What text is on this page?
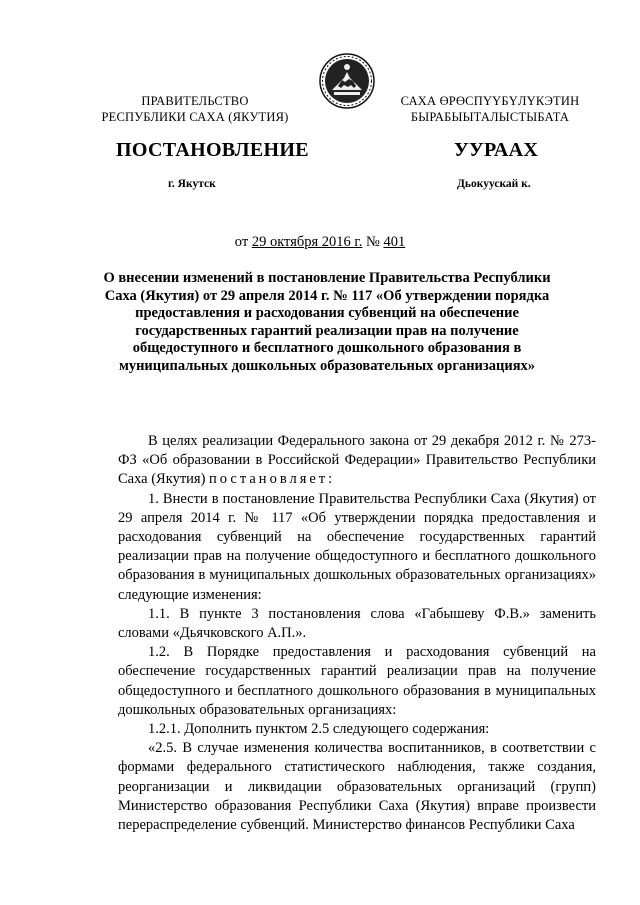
ПРАВИТЕЛЬСТВО
РЕСПУБЛИКИ САХА (ЯКУТИЯ)
САХА ӨРӨСПҮҮБҮЛҮКЭТИН
БЫРАБЫЫТАЛЫСТЫБАТА
ПОСТАНОВЛЕНИЕ	УУРААХ
г. Якутск	Дьокуускай к.
от 29 октября 2016 г. № 401
О внесении изменений в постановление Правительства Республики Саха (Якутия) от 29 апреля 2014 г. № 117 «Об утверждении порядка предоставления и расходования субвенций на обеспечение государственных гарантий реализации прав на получение общедоступного и бесплатного дошкольного образования в муниципальных дошкольных образовательных организациях»

В целях реализации Федерального закона от 29 декабря 2012 г. № 273-ФЗ «Об образовании в Российской Федерации» Правительство Республики Саха (Якутия) постановляет:

1. Внести в постановление Правительства Республики Саха (Якутия) от 29 апреля 2014 г. № 117 «Об утверждении порядка предоставления и расходования субвенций на обеспечение государственных гарантий реализации прав на получение общедоступного и бесплатного дошкольного образования в муниципальных дошкольных образовательных организациях» следующие изменения:

1.1. В пункте 3 постановления слова «Габышеву Ф.В.» заменить словами «Дьячковского А.П.».

1.2. В Порядке предоставления и расходования субвенций на обеспечение государственных гарантий реализации прав на получение общедоступного и бесплатного дошкольного образования в муниципальных дошкольных образовательных организациях:

1.2.1. Дополнить пунктом 2.5 следующего содержания:

«2.5. В случае изменения количества воспитанников, в соответствии с формами федерального статистического наблюдения, также создания, реорганизации и ликвидации образовательных организаций (групп) Министерство образования Республики Саха (Якутия) вправе произвести перераспределение субвенций. Министерство финансов Республики Саха
